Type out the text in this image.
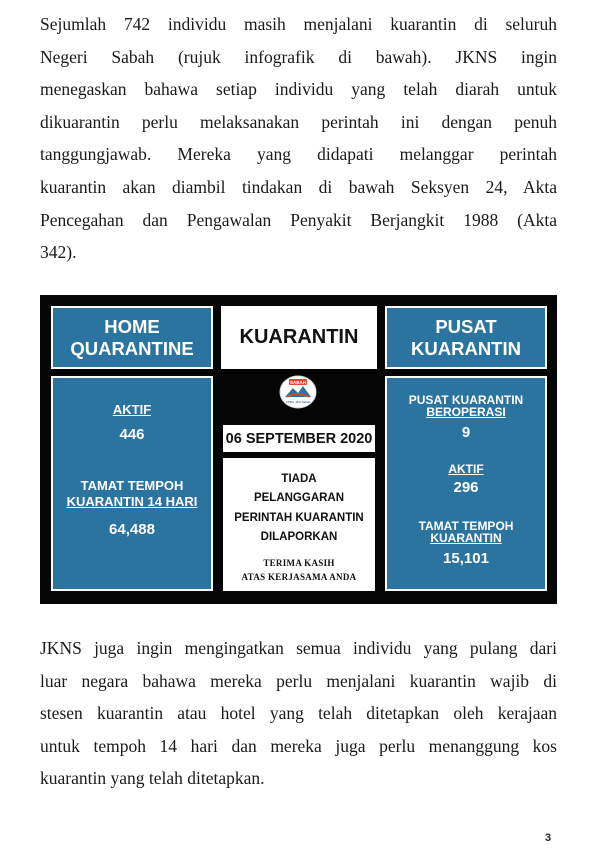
Sejumlah 742 individu masih menjalani kuarantin di seluruh
Negeri Sabah (rujuk infografik di bawah). JKNS ingin
menegaskan bahawa setiap individu yang telah diarah untuk
dikuarantin perlu melaksanakan perintah ini dengan penuh
tanggungjawab. Mereka yang didapati melanggar perintah
kuarantin akan diambil tindakan di bawah Seksyen 24, Akta
Pencegahan dan Pengawalan Penyakit Berjangkit 1988 (Akta
342).
HOME
QUARANTINE	KUARANTIN	PUSAT
KUARANTIN
AKTIF
446
TAMAT TEMPOH
KUARANTIN 14 HARI
64,488
SABAH
CPRC JKN Sabah
06 SEPTEMBER 2020
TIADA
PELANGGARAN
PERINTAH KUARANTIN
DILAPORKAN
TERIMA KASIH
ATAS KERJASAMA ANDA
PUSAT KUARANTIN
BEROPERASI
9
AKTIF
296
TAMAT TEMPOH
KUARANTIN
15,101
JKNS juga ingin mengingatkan semua individu yang pulang dari
luar negara bahawa mereka perlu menjalani kuarantin wajib di
stesen kuarantin atau hotel yang telah ditetapkan oleh kerajaan
untuk tempoh 14 hari dan mereka juga perlu menanggung kos
kuarantin yang telah ditetapkan.
3
